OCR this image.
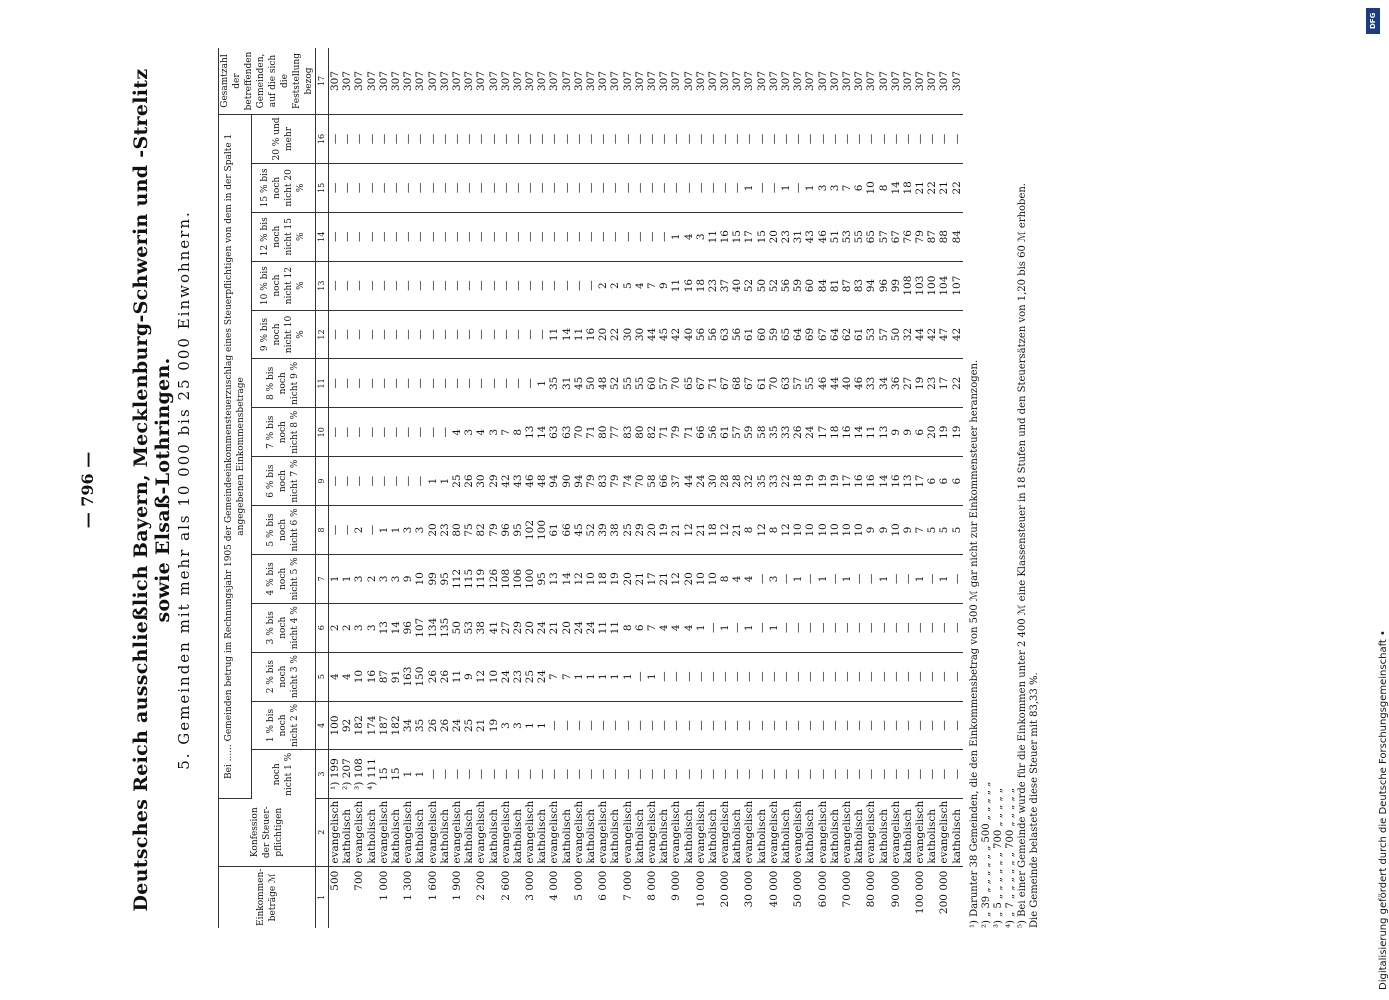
— 796 — Deutsches Reich ausschließlich Bayern, Mecklenburg-Schwerin und -Strelitz sowie Elsaß-Lothringen. 5. Gemeinden mit mehr als 10 000 bis 25 000 Einwohnern.
Einkommen-beträge ℳ	Konfession der Steuer-pflichtigen	Bei ...... Gemeinden betrug im Rechnungsjahr 1905 der Gemeindeeinkommensteuerzuschlag eines Steuerpflichtigen von dem in der Spalte 1 angegebenen Einkommensbetrage														Gesamtzahl der betreffenden Gemeinden, auf die sich die Feststellung bezog
		noch nicht 1 %	1 % bis noch nicht 2 %	2 % bis noch nicht 3 %	3 % bis noch nicht 4 %	4 % bis noch nicht 5 %	5 % bis noch nicht 6 %	6 % bis noch nicht 7 %	7 % bis noch nicht 8 %	8 % bis noch nicht 9 %	9 % bis noch nicht 10 %	10 % bis noch nicht 12 %	12 % bis noch nicht 15 %	15 % bis noch nicht 20 %	20 % und mehr	
1	2	3	4	5	6	7	8	9	10	11	12	13	14	15	16	17
500	evangelisch	¹) 199	100	4	2	1	—	—	—	—	—	—	—	—	—	307
	katholisch	²) 207	92	4	2	1	—	—	—	—	—	—	—	—	—	307
700	evangelisch	³) 108	182	10	3	3	2	—	—	—	—	—	—	—	—	307
	katholisch	⁴) 111	174	16	3	2	—	—	—	—	—	—	—	—	—	307
1 000	evangelisch	15	187	87	13	3	1	—	—	—	—	—	—	—	—	307
	katholisch	15	182	91	14	3	1	—	—	—	—	—	—	—	—	307
1 300	evangelisch	1	34	163	96	9	3	—	—	—	—	—	—	—	—	307
	katholisch	1	35	150	107	10	3	—	—	—	—	—	—	—	—	307
1 600	evangelisch	—	26	26	134	99	20	1	—	—	—	—	—	—	—	307
	katholisch	—	26	26	135	95	23	1	—	—	—	—	—	—	—	307
1 900	evangelisch	—	24	11	50	112	80	25	4	—	—	—	—	—	—	307
	katholisch	—	25	9	53	115	75	26	3	—	—	—	—	—	—	307
2 200	evangelisch	—	21	12	38	119	82	30	4	—	—	—	—	—	—	307
	katholisch	—	19	10	41	126	79	29	3	—	—	—	—	—	—	307
2 600	evangelisch	—	3	24	27	108	96	42	7	—	—	—	—	—	—	307
	katholisch	—	3	23	29	106	95	43	8	—	—	—	—	—	—	307
3 000	evangelisch	—	1	25	20	100	102	46	13	—	—	—	—	—	—	307
	katholisch	—	1	24	24	95	100	48	14	1	—	—	—	—	—	307
4 000	evangelisch	—	—	7	21	13	61	94	63	35	11	—	—	—	—	307
	katholisch	—	—	7	20	14	66	90	63	31	14	—	—	—	—	307
5 000	evangelisch	—	—	1	24	12	45	94	70	45	11	—	—	—	—	307
	katholisch	—	—	1	24	10	52	79	71	50	16	—	—	—	—	307
6 000	evangelisch	—	—	1	11	18	39	83	80	48	20	2	—	—	—	307
	katholisch	—	—	1	11	19	38	79	77	52	22	2	—	—	—	307
7 000	evangelisch	—	—	1	8	20	25	74	83	55	30	5	—	—	—	307
	katholisch	—	—	—	6	21	29	70	80	55	30	4	—	—	—	307
8 000	evangelisch	—	—	1	7	17	20	58	82	60	44	7	—	—	—	307
	katholisch	—	—	—	4	21	19	66	71	57	45	9	—	—	—	307
9 000	evangelisch	—	—	—	4	12	21	37	79	70	42	11	1	—	—	307
	katholisch	—	—	—	4	20	12	44	71	65	40	16	4	—	—	307
10 000	evangelisch	—	—	—	1	10	21	24	66	67	56	18	3	—	—	307
	katholisch	—	—	—	—	10	18	30	56	71	56	23	11	—	—	307
20 000	evangelisch	—	—	—	1	8	12	28	61	67	63	37	16	—	—	307
	katholisch	—	—	—	—	4	21	28	57	68	56	40	15	—	—	307
30 000	evangelisch	—	—	—	1	4	8	32	59	67	61	52	17	1	—	307
	katholisch	—	—	—	—	—	12	35	58	61	60	50	15	—	—	307
40 000	evangelisch	—	—	—	1	3	8	33	35	70	59	52	20	—	—	307
	katholisch	—	—	—	—	—	12	22	33	63	65	56	23	1	—	307
50 000	evangelisch	—	—	—	—	1	10	18	26	57	64	59	31	—	—	307
	katholisch	—	—	—	—	—	10	19	24	55	69	60	43	1	—	307
60 000	evangelisch	—	—	—	—	1	10	19	17	46	67	84	46	3	—	307
	katholisch	—	—	—	—	—	10	19	18	44	64	81	51	3	—	307
70 000	evangelisch	—	—	—	—	1	10	17	16	40	62	87	53	7	—	307
	katholisch	—	—	—	—	—	10	16	14	46	61	83	55	6	—	307
80 000	evangelisch	—	—	—	—	—	9	16	11	33	53	94	65	10	—	307
	katholisch	—	—	—	—	1	9	14	13	34	57	96	57	8	—	307
90 000	evangelisch	—	—	—	—	—	10	16	9	36	50	99	67	14	—	307
	katholisch	—	—	—	—	—	9	13	9	27	32	108	76	18	—	307
100 000	evangelisch	—	—	—	—	1	7	17	6	19	44	103	79	21	—	307
	katholisch	—	—	—	—	—	5	6	20	23	42	100	87	22	—	307
200 000	evangelisch	—	—	—	—	1	5	6	19	17	47	104	88	21	—	307
	katholisch	—	—	—	—	—	5	6	19	22	42	107	84	22	—	307
¹) Darunter 38 Gemeinden, die den Einkommensbetrag von 500 ℳ gar nicht zur Einkommensteuer heranzogen. ²) „ 39 „ „ „ „ „ „ 500 „ „ „ „ „ ³) „ 5 „ „ „ „ „ „ 700 „ „ „ „ „ ⁴) „ 7 „ „ „ „ „ „ 700 „ „ „ „ „ ⁵) Bei einer Gemeinde wurde für die Einkommen unter 2 400 ℳ eine Klassensteuer in 18 Stufen und den Steuersätzen von 1,20 bis 60 ℳ erhoben. Die Gemeinde belastete diese Steuer mit 83,33 %.
DFG
Digitalisierung gefördert durch die Deutsche Forschungsgemeinschaft •
